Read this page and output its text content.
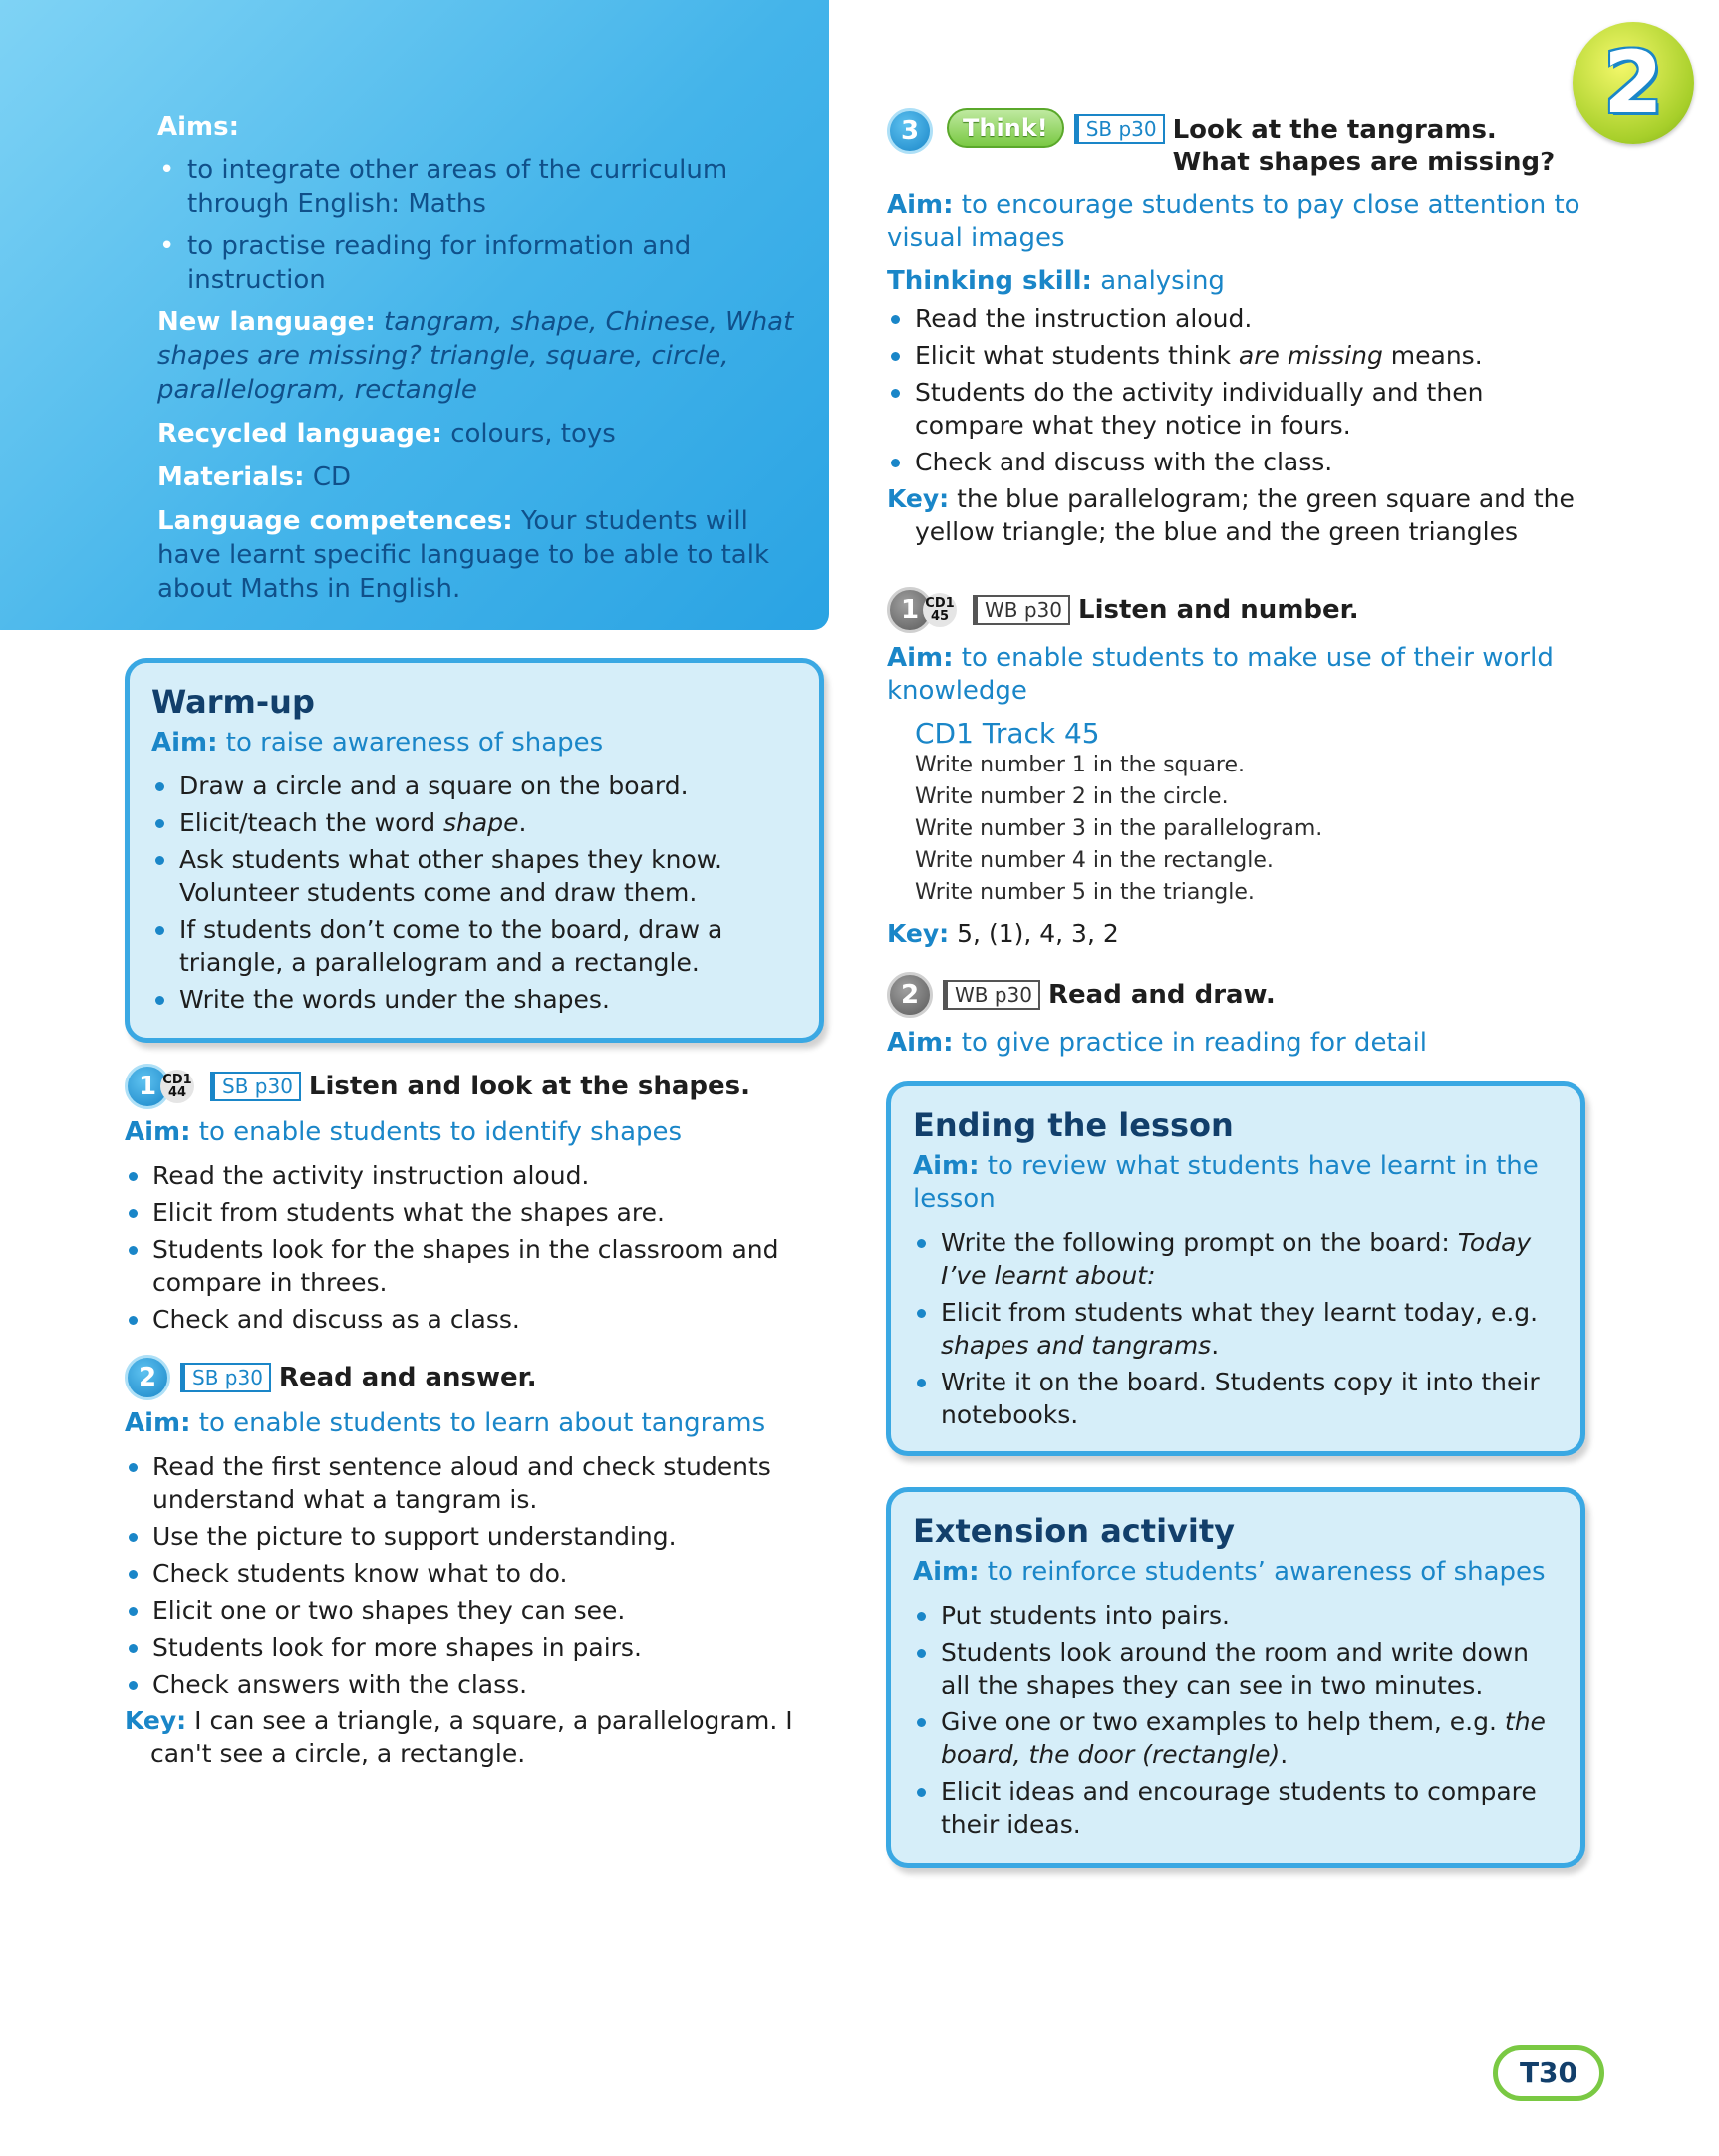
2

Aims:

• to integrate other areas of the curriculum through English: Maths
• to practise reading for information and instruction

New language: tangram, shape, Chinese, What shapes are missing? triangle, square, circle, parallelogram, rectangle

Recycled language: colours, toys

Materials: CD

Language competences: Your students will have learnt specific language to be able to talk about Maths in English.

Warm-up
Aim: to raise awareness of shapes
Draw a circle and a square on the board.
Elicit/teach the word shape.
Ask students what other shapes they know. Volunteer students come and draw them.
If students don’t come to the board, draw a triangle, a parallelogram and a rectangle.
Write the words under the shapes.
1 CD1
44	SB p30 Listen and look at the shapes.
Aim: to enable students to identify shapes
Read the activity instruction aloud.
Elicit from students what the shapes are.
Students look for the shapes in the classroom and compare in threes.
Check and discuss as a class.
2	SB p30 Read and answer.
Aim: to enable students to learn about tangrams
Read the first sentence aloud and check students understand what a tangram is.
Use the picture to support understanding.
Check students know what to do.
Elicit one or two shapes they can see.
Students look for more shapes in pairs.
Check answers with the class.
Key: I can see a triangle, a square, a parallelogram. I can't see a circle, a rectangle.
3	Think!	SB p30 Look at the tangrams.
What shapes are missing?
Aim: to encourage students to pay close attention to visual images
Thinking skill: analysing
Read the instruction aloud.
Elicit what students think are missing means.
Students do the activity individually and then compare what they notice in fours.
Check and discuss with the class.
Key: the blue parallelogram; the green square and the yellow triangle; the blue and the green triangles
1 CD1
45	WB p30 Listen and number.
Aim: to enable students to make use of their world knowledge
CD1 Track 45
Write number 1 in the square.
Write number 2 in the circle.
Write number 3 in the parallelogram.
Write number 4 in the rectangle.
Write number 5 in the triangle.
Key: 5, (1), 4, 3, 2
2	WB p30 Read and draw.
Aim: to give practice in reading for detail
Ending the lesson
Aim: to review what students have learnt in the lesson
Write the following prompt on the board: Today I’ve learnt about:
Elicit from students what they learnt today, e.g. shapes and tangrams.
Write it on the board. Students copy it into their notebooks.
Extension activity
Aim: to reinforce students’ awareness of shapes
Put students into pairs.
Students look around the room and write down all the shapes they can see in two minutes.
Give one or two examples to help them, e.g. the board, the door (rectangle).
Elicit ideas and encourage students to compare their ideas.
T30
